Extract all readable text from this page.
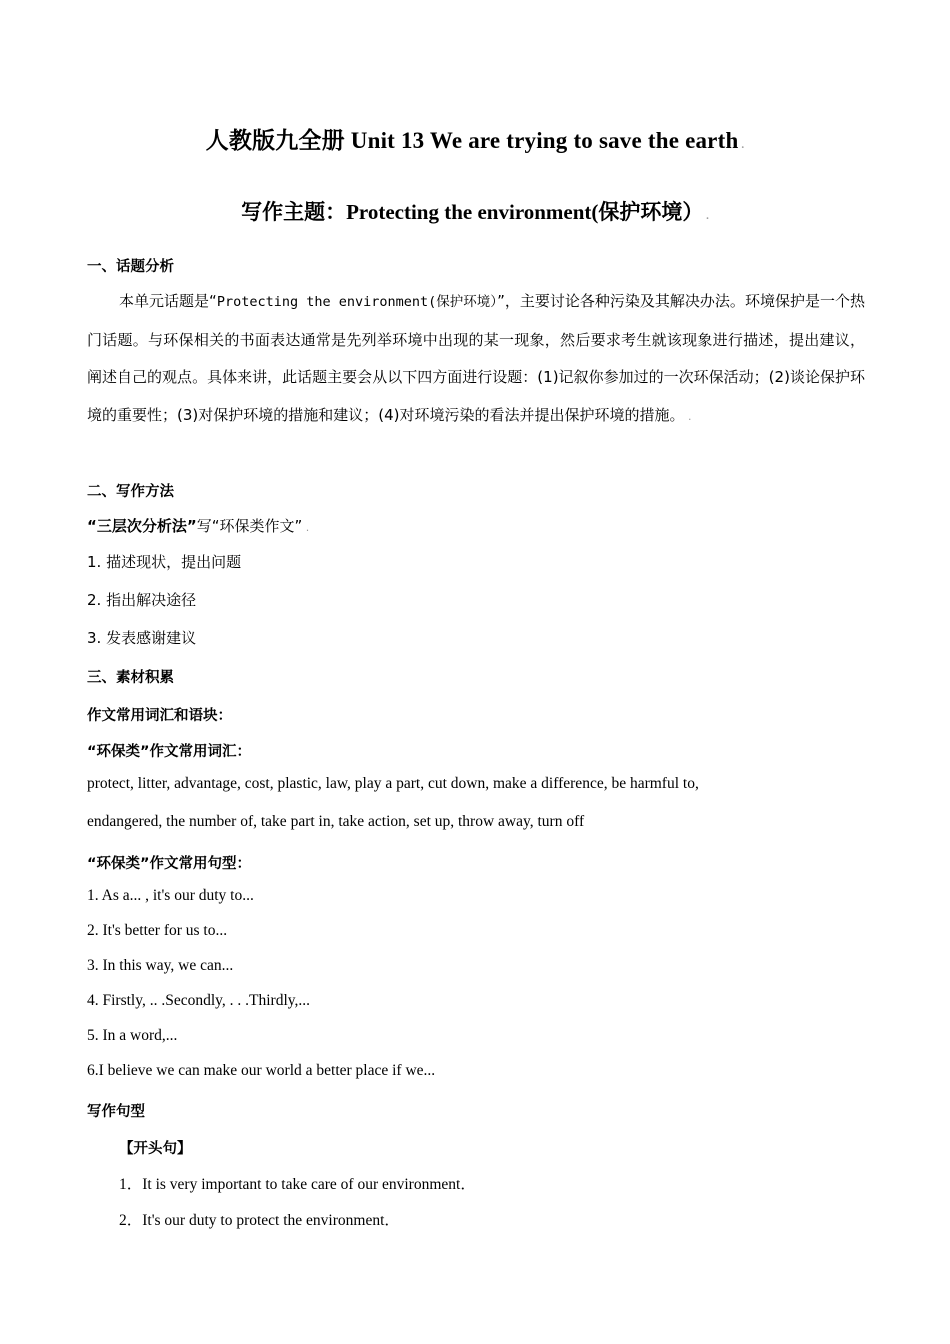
人教版九全册 Unit 13 We are trying to save the earth .
写作主题：Protecting the environment(保护环境） .
一、话题分析
本单元话题是“Protecting the environment(保护环境）”，主要讨论各种污染及其解决办法。环境保护是一个热门话题。与环保相关的书面表达通常是先列举环境中出现的某一现象，然后要求考生就该现象进行描述，提出建议，阐述自己的观点。具体来讲，此话题主要会从以下四方面进行设题：(1)记叙你参加过的一次环保活动；(2)谈论保护环境的重要性；(3)对保护环境的措施和建议；(4)对环境污染的看法并提出保护环境的措施。 .
二、写作方法
“三层次分析法”写“环保类作文” .
1. 描述现状，提出问题
2. 指出解决途径
3. 发表感谢建议
三、素材积累
作文常用词汇和语块：
“环保类”作文常用词汇：
protect, litter, advantage, cost, plastic, law, play a part, cut down, make a difference, be harmful to,
endangered, the number of, take part in, take action, set up, throw away, turn off
“环保类”作文常用句型：
1. As a... , it's our duty to...
2. It's better for us to...
3. In this way, we can...
4. Firstly, .. .Secondly, . . .Thirdly,...
5. In a word,...
6.I believe we can make our world a better place if we...
写作句型
【开头句】
1．It is very important to take care of our environment．
2．It's our duty to protect the environment．
